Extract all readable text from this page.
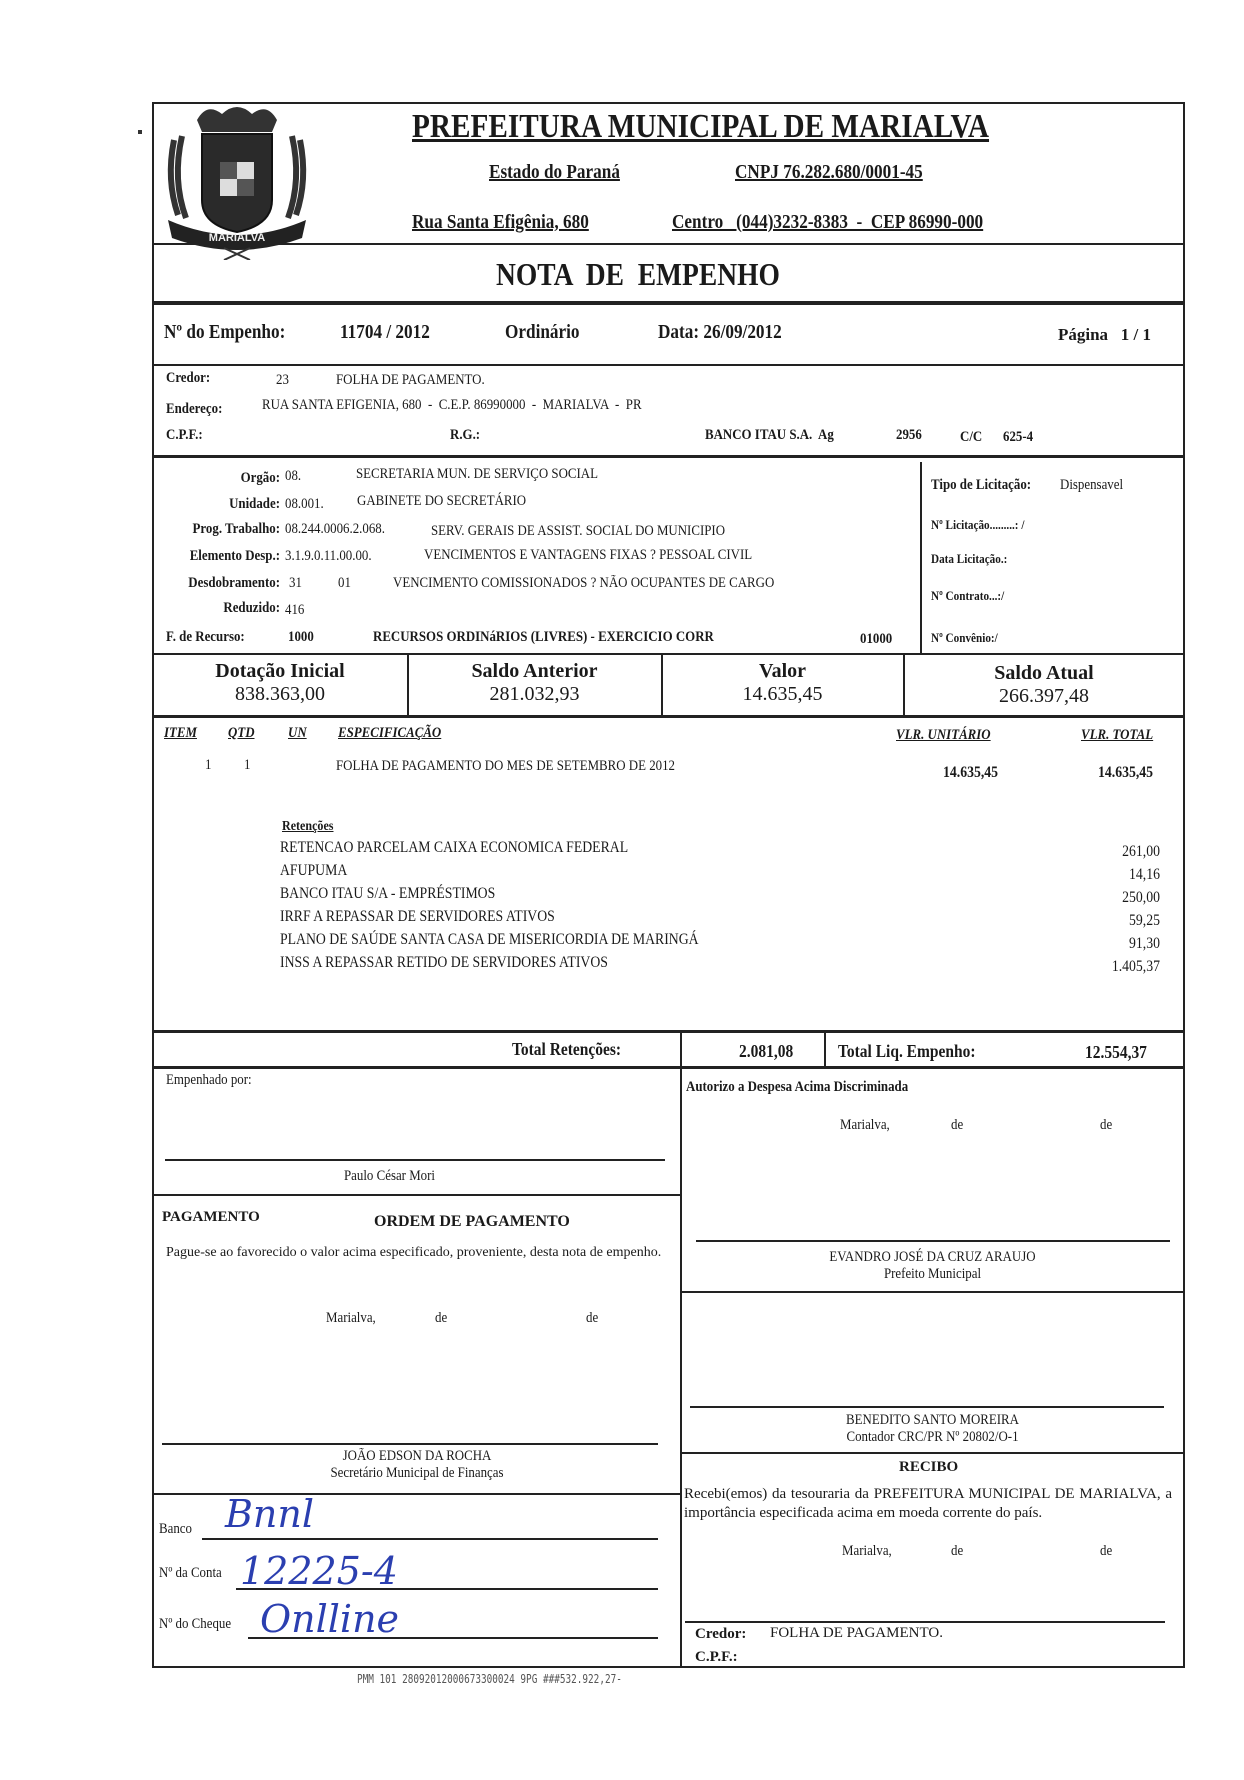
MARIALVA
PREFEITURA MUNICIPAL DE MARIALVA
Estado do Paraná	CNPJ 76.282.680/0001-45
Rua Santa Efigênia, 680	Centro   (044)3232-8383  -  CEP 86990-000
NOTA  DE  EMPENHO
Nº do Empenho:	11704 / 2012	Ordinário	Data: 26/09/2012	Página   1 / 1
Credor:	23	FOLHA DE PAGAMENTO.
Endereço:	RUA SANTA EFIGENIA, 680  -  C.E.P. 86990000  -  MARIALVA  -  PR
C.P.F.:	R.G.:	BANCO ITAU S.A.  Ag	2956	C/C 625-4
Orgão: 08.	SECRETARIA MUN. DE SERVIÇO SOCIAL
Unidade: 08.001. GABINETE DO SECRETÁRIO
Prog. Trabalho: 08.244.0006.2.068.	SERV. GERAIS DE ASSIST. SOCIAL DO MUNICIPIO
Elemento Desp.: 3.1.9.0.11.00.00.	VENCIMENTOS E VANTAGENS FIXAS ? PESSOAL CIVIL
Desdobramento: 31 01	VENCIMENTO COMISSIONADOS ? NÃO OCUPANTES DE CARGO
Reduzido: 416
F. de Recurso:	1000	RECURSOS ORDINáRIOS (LIVRES) - EXERCICIO CORR	01000
Tipo de Licitação: Dispensavel
Nº Licitação.........: /
Data Licitação.:
Nº Contrato...:/
Nº Convênio:/
Dotação Inicial
838.363,00
Saldo Anterior
281.032,93
Valor
14.635,45
Saldo Atual
266.397,48
ITEM QTD UN ESPECIFICAÇÃO	VLR. UNITÁRIO	VLR. TOTAL
1 1	FOLHA DE PAGAMENTO DO MES DE SETEMBRO DE 2012	14.635,45	14.635,45
Retenções
RETENCAO PARCELAM CAIXA ECONOMICA FEDERAL	261,00
AFUPUMA	14,16
BANCO ITAU S/A - EMPRÉSTIMOS	250,00
IRRF A REPASSAR DE SERVIDORES ATIVOS	59,25
PLANO DE SAÚDE SANTA CASA DE MISERICORDIA DE MARINGÁ	91,30
INSS A REPASSAR RETIDO DE SERVIDORES ATIVOS	1.405,37
Total Retenções:	2.081,08 Total Liq. Empenho:	12.554,37
Empenhado por:
Paulo César Mori
Autorizo a Despesa Acima Discriminada
Marialva,	de	de
EVANDRO JOSÉ DA CRUZ ARAUJO
Prefeito Municipal
BENEDITO SANTO MOREIRA
Contador CRC/PR Nº 20802/O-1
PAGAMENTO	ORDEM DE PAGAMENTO
Pague-se ao favorecido o valor acima especificado, proveniente, desta nota de empenho.
Marialva,	de	de
JOÃO EDSON DA ROCHA
Secretário Municipal de Finanças
Banco Bnnl
Nº da Conta 12225-4
Nº do Cheque Onlline
RECIBO
Recebi(emos) da tesouraria da PREFEITURA MUNICIPAL DE MARIALVA, a importância especificada acima em moeda corrente do país.
Marialva,	de	de
Credor: FOLHA DE PAGAMENTO.
C.P.F.:
PMM 101 28092012000673300024 9PG ###532.922,27-
